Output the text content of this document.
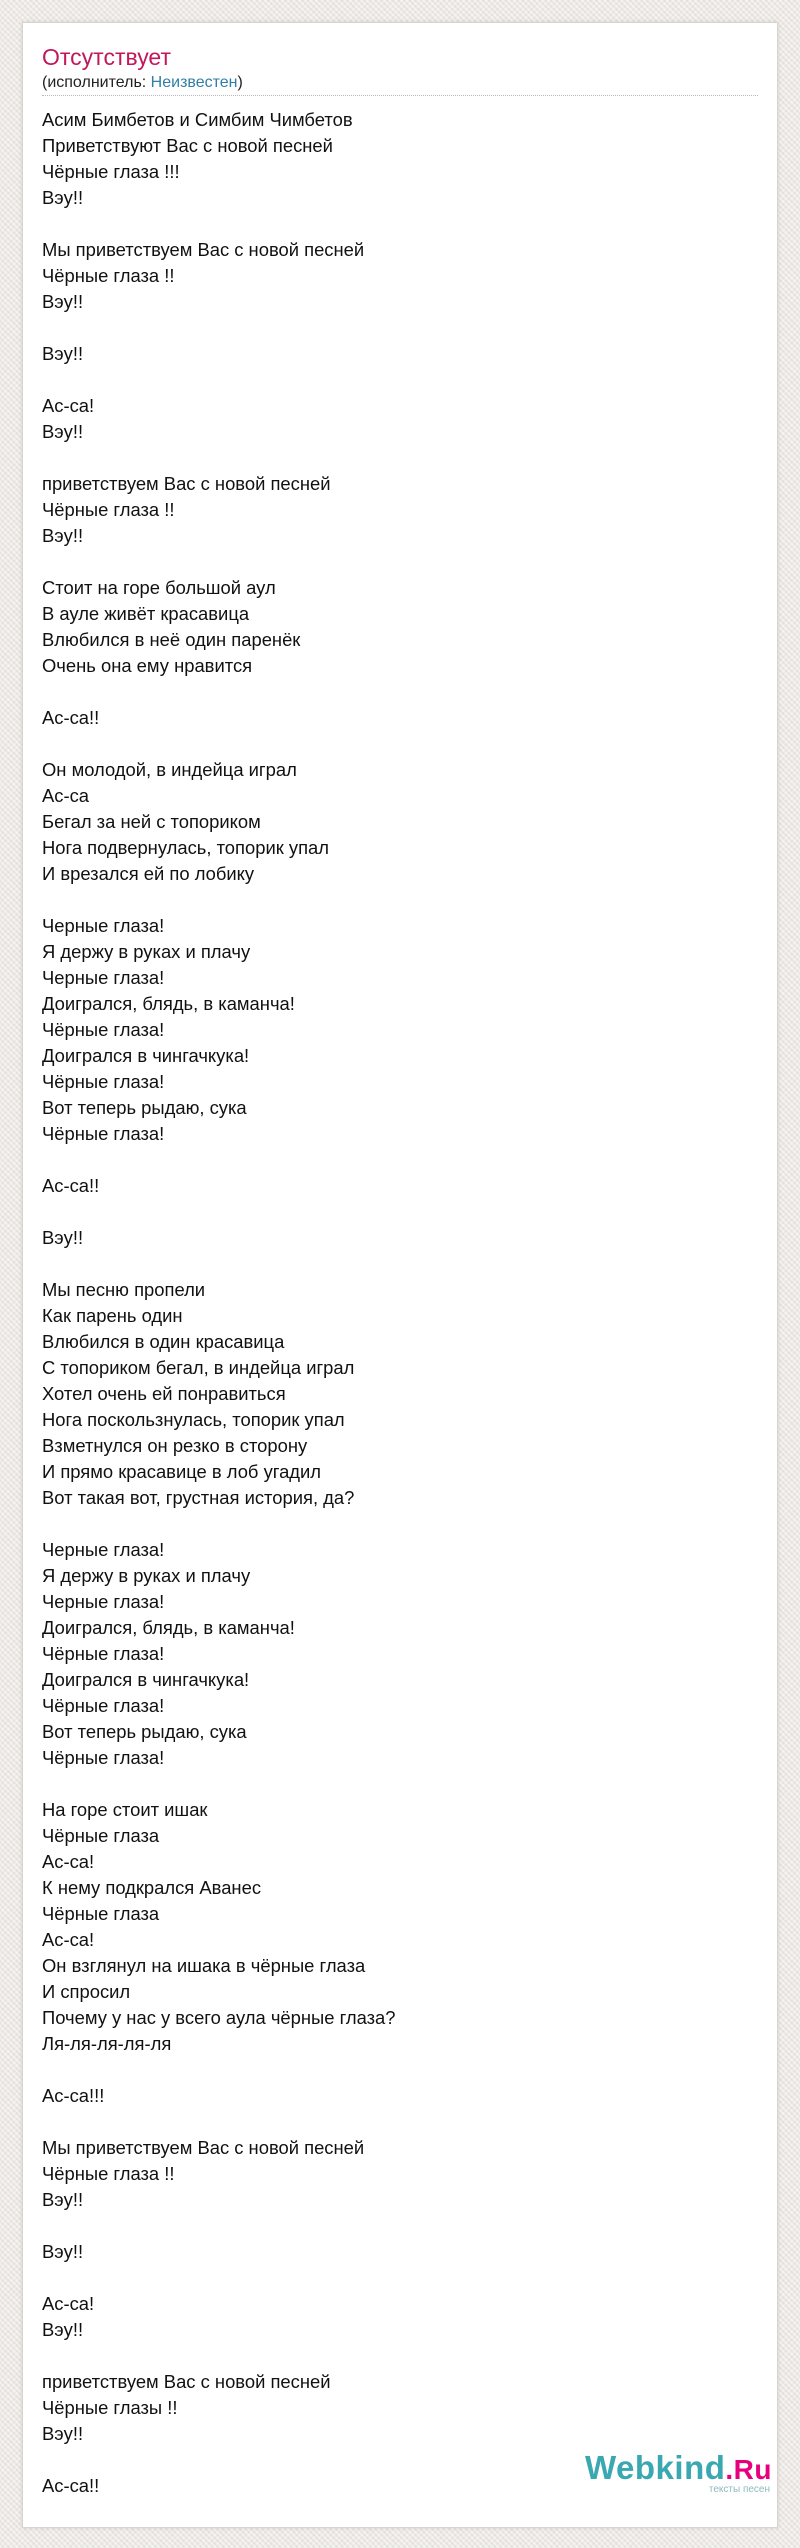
Отсутствует
(исполнитель: Неизвестен)
Асим Бимбетов и Симбим Чимбетов
Приветствуют Вас с новой песней
Чёрные глаза !!!
Вэу!!

Мы приветствуем Вас с новой песней
Чёрные глаза !!
Вэу!!

Вэу!!

Ас-са!
Вэу!!

приветствуем Вас с новой песней
Чёрные глаза !!
Вэу!!

Стоит на горе большой аул
В ауле живёт красавица
Влюбился в неё один паренёк
Очень она ему нравится

Ас-са!!

Он молодой, в индейца играл
Ас-са
Бегал за ней с топориком
Нога подвернулась, топорик упал
И врезался ей по лобику

Черные глаза!
Я держу в руках и плачу
Черные глаза!
Доигрался, блядь, в каманча!
Чёрные глаза!
Доигрался в чингачкука!
Чёрные глаза!
Вот теперь рыдаю, сука
Чёрные глаза!

Ас-са!!

Вэу!!

Мы песню пропели
Как парень один
Влюбился в один красавица
С топориком бегал, в индейца играл
Хотел очень ей понравиться
Нога поскользнулась, топорик упал
Взметнулся он резко в сторону
И прямо красавице в лоб угадил
Вот такая вот, грустная история, да?

Черные глаза!
Я держу в руках и плачу
Черные глаза!
Доигрался, блядь, в каманча!
Чёрные глаза!
Доигрался в чингачкука!
Чёрные глаза!
Вот теперь рыдаю, сука
Чёрные глаза!

На горе стоит ишак
Чёрные глаза
Ас-са!
К нему подкрался Аванес
Чёрные глаза
Ас-са!
Он взглянул на ишака в чёрные глаза
И спросил
Почему у нас у всего аула чёрные глаза?
Ля-ля-ля-ля-ля

Ас-са!!!

Мы приветствуем Вас с новой песней
Чёрные глаза !!
Вэу!!

Вэу!!

Ас-са!
Вэу!!

приветствуем Вас с новой песней
Чёрные глазы !!
Вэу!!

Ас-са!!	Webkind.Ru
тексты песен
